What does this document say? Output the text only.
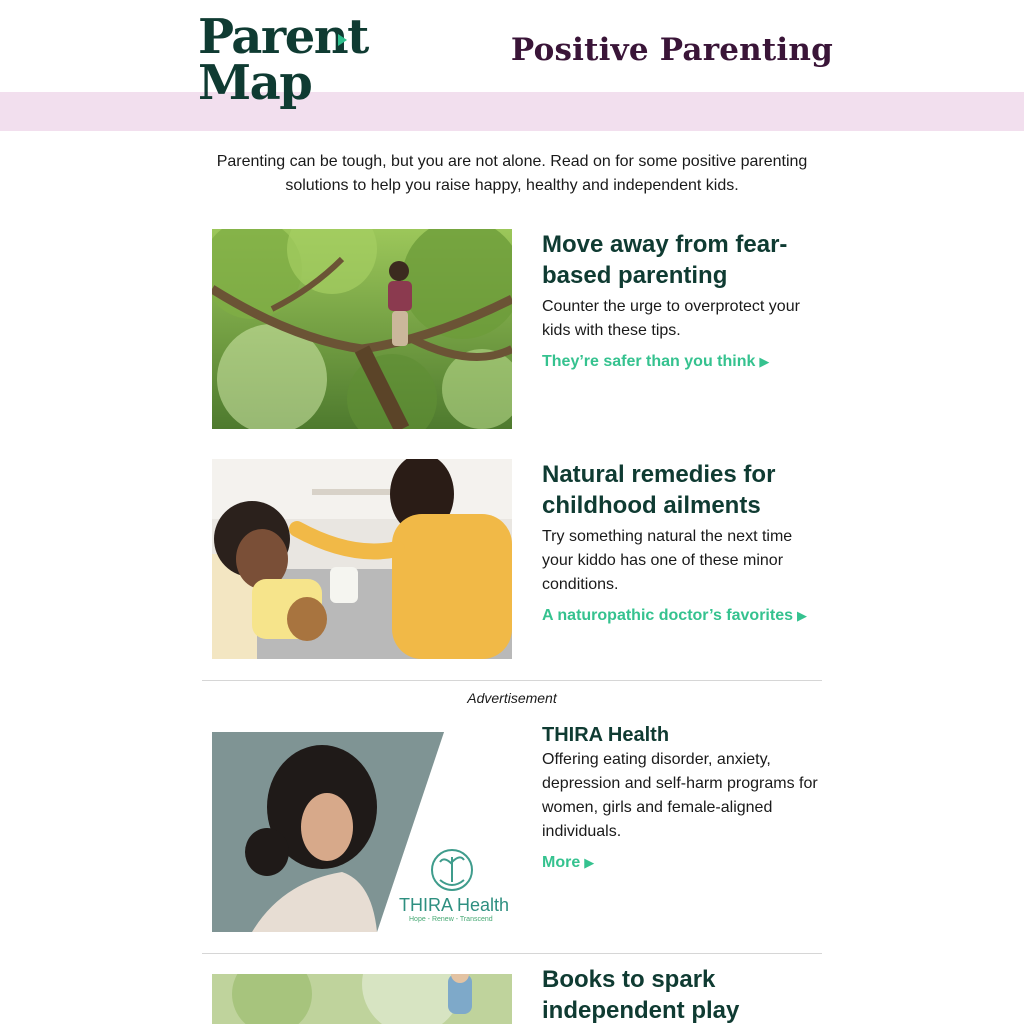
Parent
Map
Positive Parenting
Parenting can be tough, but you are not alone. Read on for some positive parenting solutions to help you raise happy, healthy and independent kids.
Move away from fear-based parenting

Counter the urge to overprotect your kids with these tips.

They’re safer than you think ▶
Natural remedies for childhood ailments

Try something natural the next time your kiddo has one of these minor conditions.

A naturopathic doctor’s favorites ▶
Advertisement
THIRA Health
Hope - Renew - Transcend
THIRA Health

Offering eating disorder, anxiety, depression and self-harm programs for women, girls and female-aligned individuals.

More ▶
Books to spark independent play
